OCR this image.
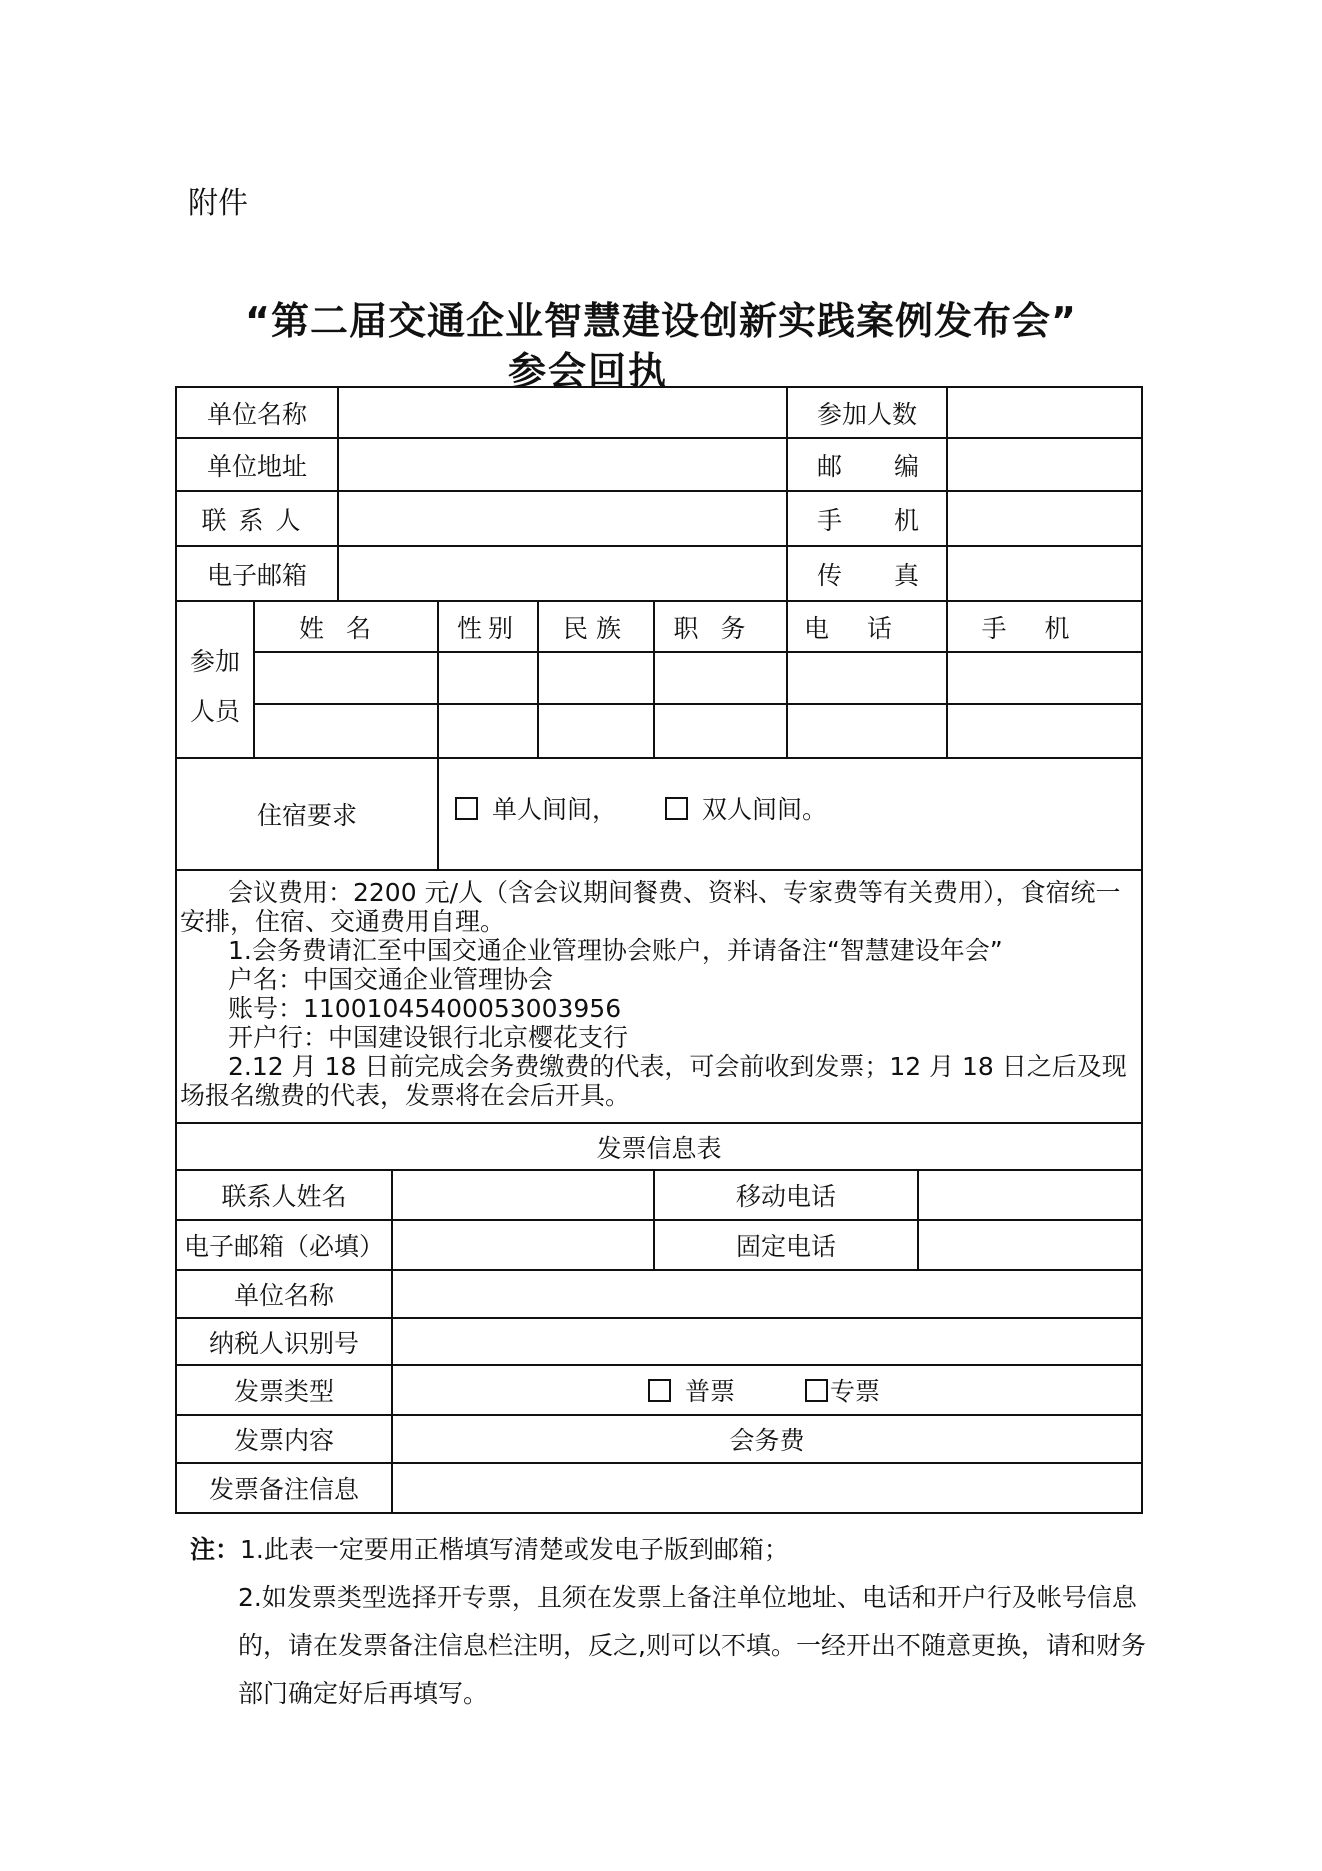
附件
“第二届交通企业智慧建设创新实践案例发布会”
参会回执
单位名称	参加人数
单位地址	邮编
联系人	手机
电子邮箱	传真
参加
人员
姓名	性别	民族	职务	电话	手机
住宿要求	单人间间，	双人间间。

会议费用：2200 元/人（含会议期间餐费、资料、专家费等有关费用），食宿统一安排，住宿、交通费用自理。

1.会务费请汇至中国交通企业管理协会账户，并请备注“智慧建设年会”

户名：中国交通企业管理协会

账号：11001045400053003956

开户行：中国建设银行北京樱花支行

2.12 月 18 日前完成会务费缴费的代表，可会前收到发票；12 月 18 日之后及现场报名缴费的代表，发票将在会后开具。

发票信息表
联系人姓名	移动电话
电子邮箱（必填）	固定电话
单位名称
纳税人识别号
发票类型	普票	专票
发票内容	会务费
发票备注信息

注：1.此表一定要用正楷填写清楚或发电子版到邮箱；

2.如发票类型选择开专票，且须在发票上备注单位地址、电话和开户行及帐号信息的，请在发票备注信息栏注明，反之,则可以不填。一经开出不随意更换，请和财务部门确定好后再填写。
